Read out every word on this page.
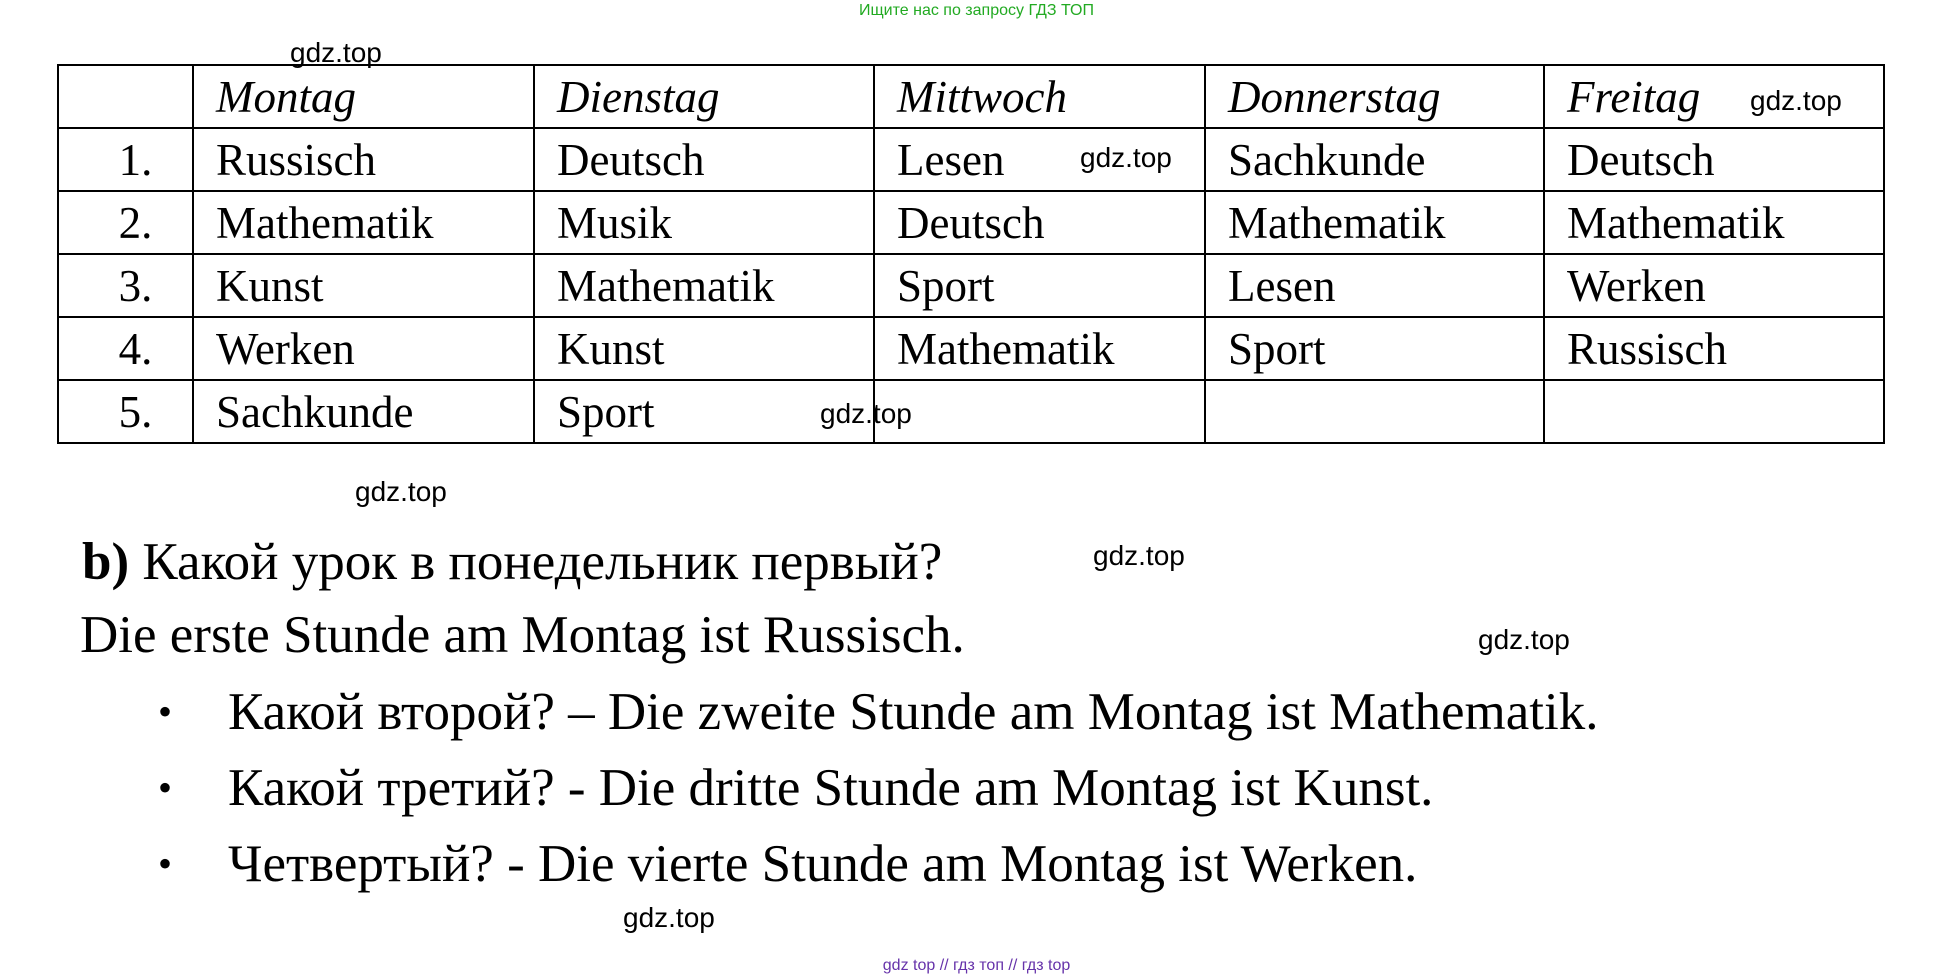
Ищите нас по запросу ГДЗ ТОП
	Montag	Dienstag	Mittwoch	Donnerstag	Freitag
1.	Russisch	Deutsch	Lesen	Sachkunde	Deutsch
2.	Mathematik	Musik	Deutsch	Mathematik	Mathematik
3.	Kunst	Mathematik	Sport	Lesen	Werken
4.	Werken	Kunst	Mathematik	Sport	Russisch
5.	Sachkunde	Sport			
gdz.top
gdz.top
gdz.top
gdz.top
gdz.top
gdz.top
gdz.top
gdz.top
b) Какой урок в понедельник первый?
Die erste Stunde am Montag ist Russisch.
• Какой второй? – Die zweite Stunde am Montag ist Mathematik.
• Какой третий? - Die dritte Stunde am Montag ist Kunst.
• Четвертый? - Die vierte Stunde am Montag ist Werken.
gdz top // гдз топ // гдз top
